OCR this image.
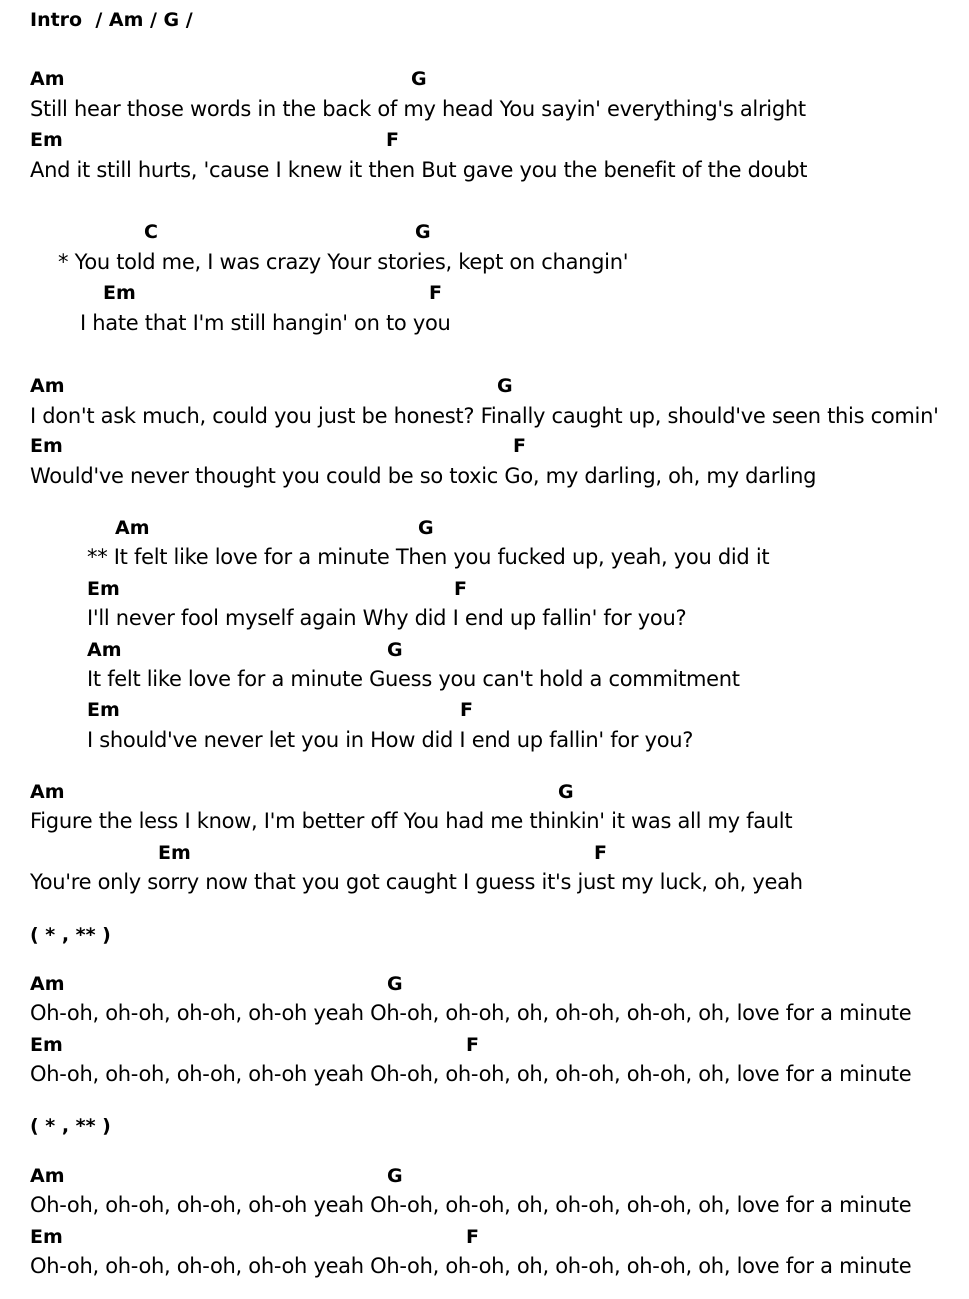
Intro  / Am / G /
Am	G
Still hear those words in the back of my head You sayin' everything's alright
Em	F
And it still hurts, 'cause I knew it then But gave you the benefit of the doubt
C	G
* You told me, I was crazy Your stories, kept on changin'
Em	F
I hate that I'm still hangin' on to you
Am	G
I don't ask much, could you just be honest? Finally caught up, should've seen this comin'
Em	F
Would've never thought you could be so toxic Go, my darling, oh, my darling
Am	G
** It felt like love for a minute Then you fucked up, yeah, you did it
Em	F
I'll never fool myself again Why did I end up fallin' for you?
Am	G
It felt like love for a minute Guess you can't hold a commitment
Em	F
I should've never let you in How did I end up fallin' for you?
Am	G
Figure the less I know, I'm better off You had me thinkin' it was all my fault
Em	F
You're only sorry now that you got caught I guess it's just my luck, oh, yeah
( * , ** )
Am	G
Oh-oh, oh-oh, oh-oh, oh-oh yeah Oh-oh, oh-oh, oh, oh-oh, oh-oh, oh, love for a minute
Em	F
Oh-oh, oh-oh, oh-oh, oh-oh yeah Oh-oh, oh-oh, oh, oh-oh, oh-oh, oh, love for a minute
( * , ** )
Am	G
Oh-oh, oh-oh, oh-oh, oh-oh yeah Oh-oh, oh-oh, oh, oh-oh, oh-oh, oh, love for a minute
Em	F
Oh-oh, oh-oh, oh-oh, oh-oh yeah Oh-oh, oh-oh, oh, oh-oh, oh-oh, oh, love for a minute
